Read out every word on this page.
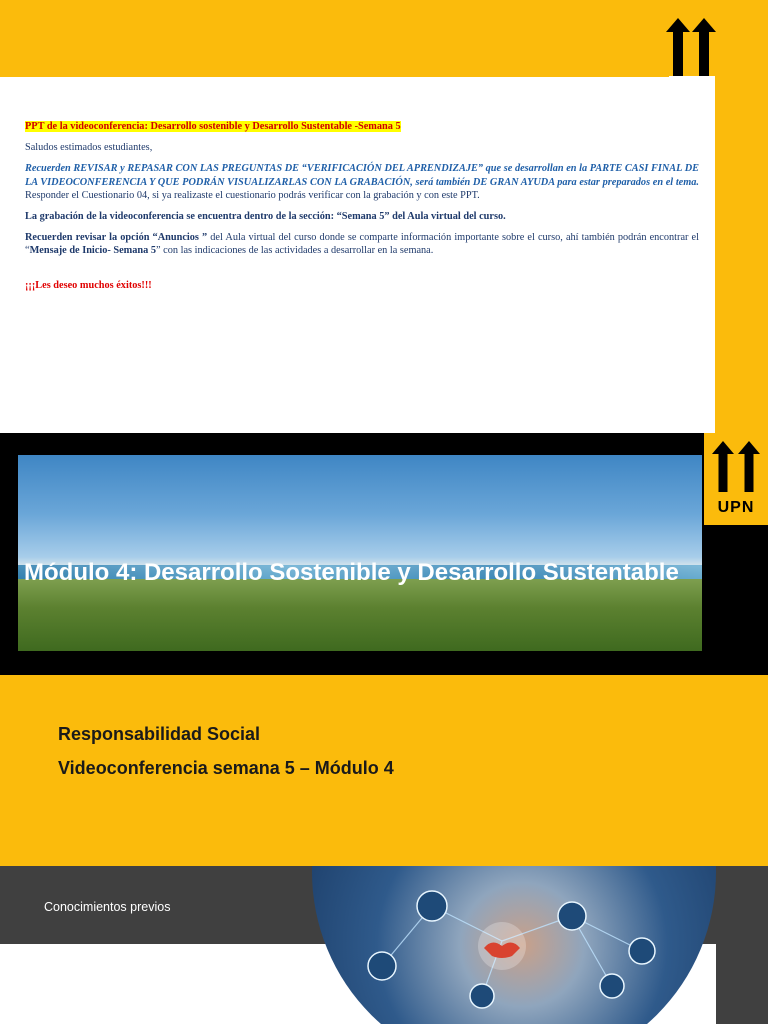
PPT de la videoconferencia: Desarrollo sostenible y Desarrollo Sustentable -Semana 5

Saludos estimados estudiantes,

Recuerden REVISAR y REPASAR CON LAS PREGUNTAS DE “VERIFICACIÓN DEL APRENDIZAJE” que se desarrollan en la PARTE CASI FINAL DE LA VIDEOCONFERENCIA Y QUE PODRÁN VISUALIZARLAS CON LA GRABACIÓN, será también DE GRAN AYUDA para estar preparados en el tema. Responder el Cuestionario 04, si ya realizaste el cuestionario podrás verificar con la grabación y con este PPT.

La grabación de la videoconferencia se encuentra dentro de la sección: “Semana 5” del Aula virtual del curso.

Recuerden revisar la opción “Anuncios ” del Aula virtual del curso donde se comparte información importante sobre el curso, ahí también podrán encontrar el “Mensaje de Inicio- Semana 5” con las indicaciones de las actividades a desarrollar en la semana.

¡¡¡Les deseo muchos éxitos!!!

Módulo 4: Desarrollo Sostenible y Desarrollo Sustentable
UPN

Responsabilidad Social

Videoconferencia semana 5 – Módulo 4

Conocimientos previos
